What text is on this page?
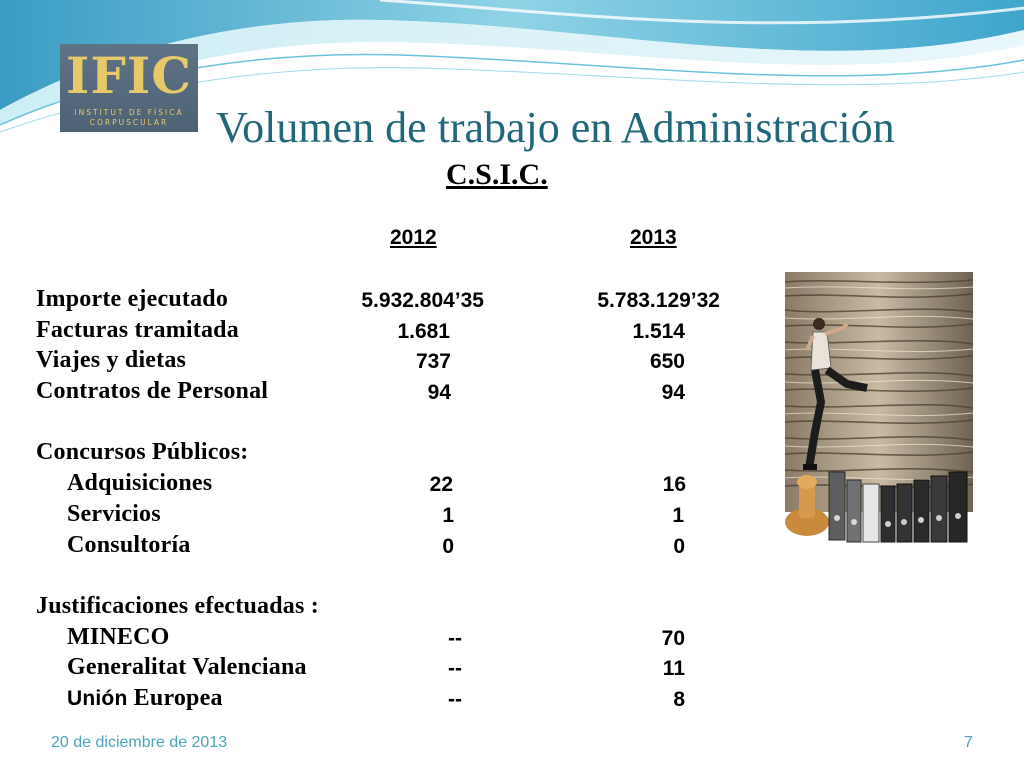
IFIC
INSTITUT DE FÍSICA
CORPUSCULAR	Volumen de trabajo en Administración
C.S.I.C.
2012	2013
Importe ejecutado	5.932.804’35	5.783.129’32
Facturas tramitada	1.681	1.514
Viajes y dietas	737	650
Contratos de Personal	94	94
Concursos Públicos:
Adquisiciones	22	16
Servicios	1	1
Consultoría	0	0
Justificaciones efectuadas :
MINECO	--	70
Generalitat Valenciana	--	11
Unión Europea	--	8
20 de diciembre de 2013	7
